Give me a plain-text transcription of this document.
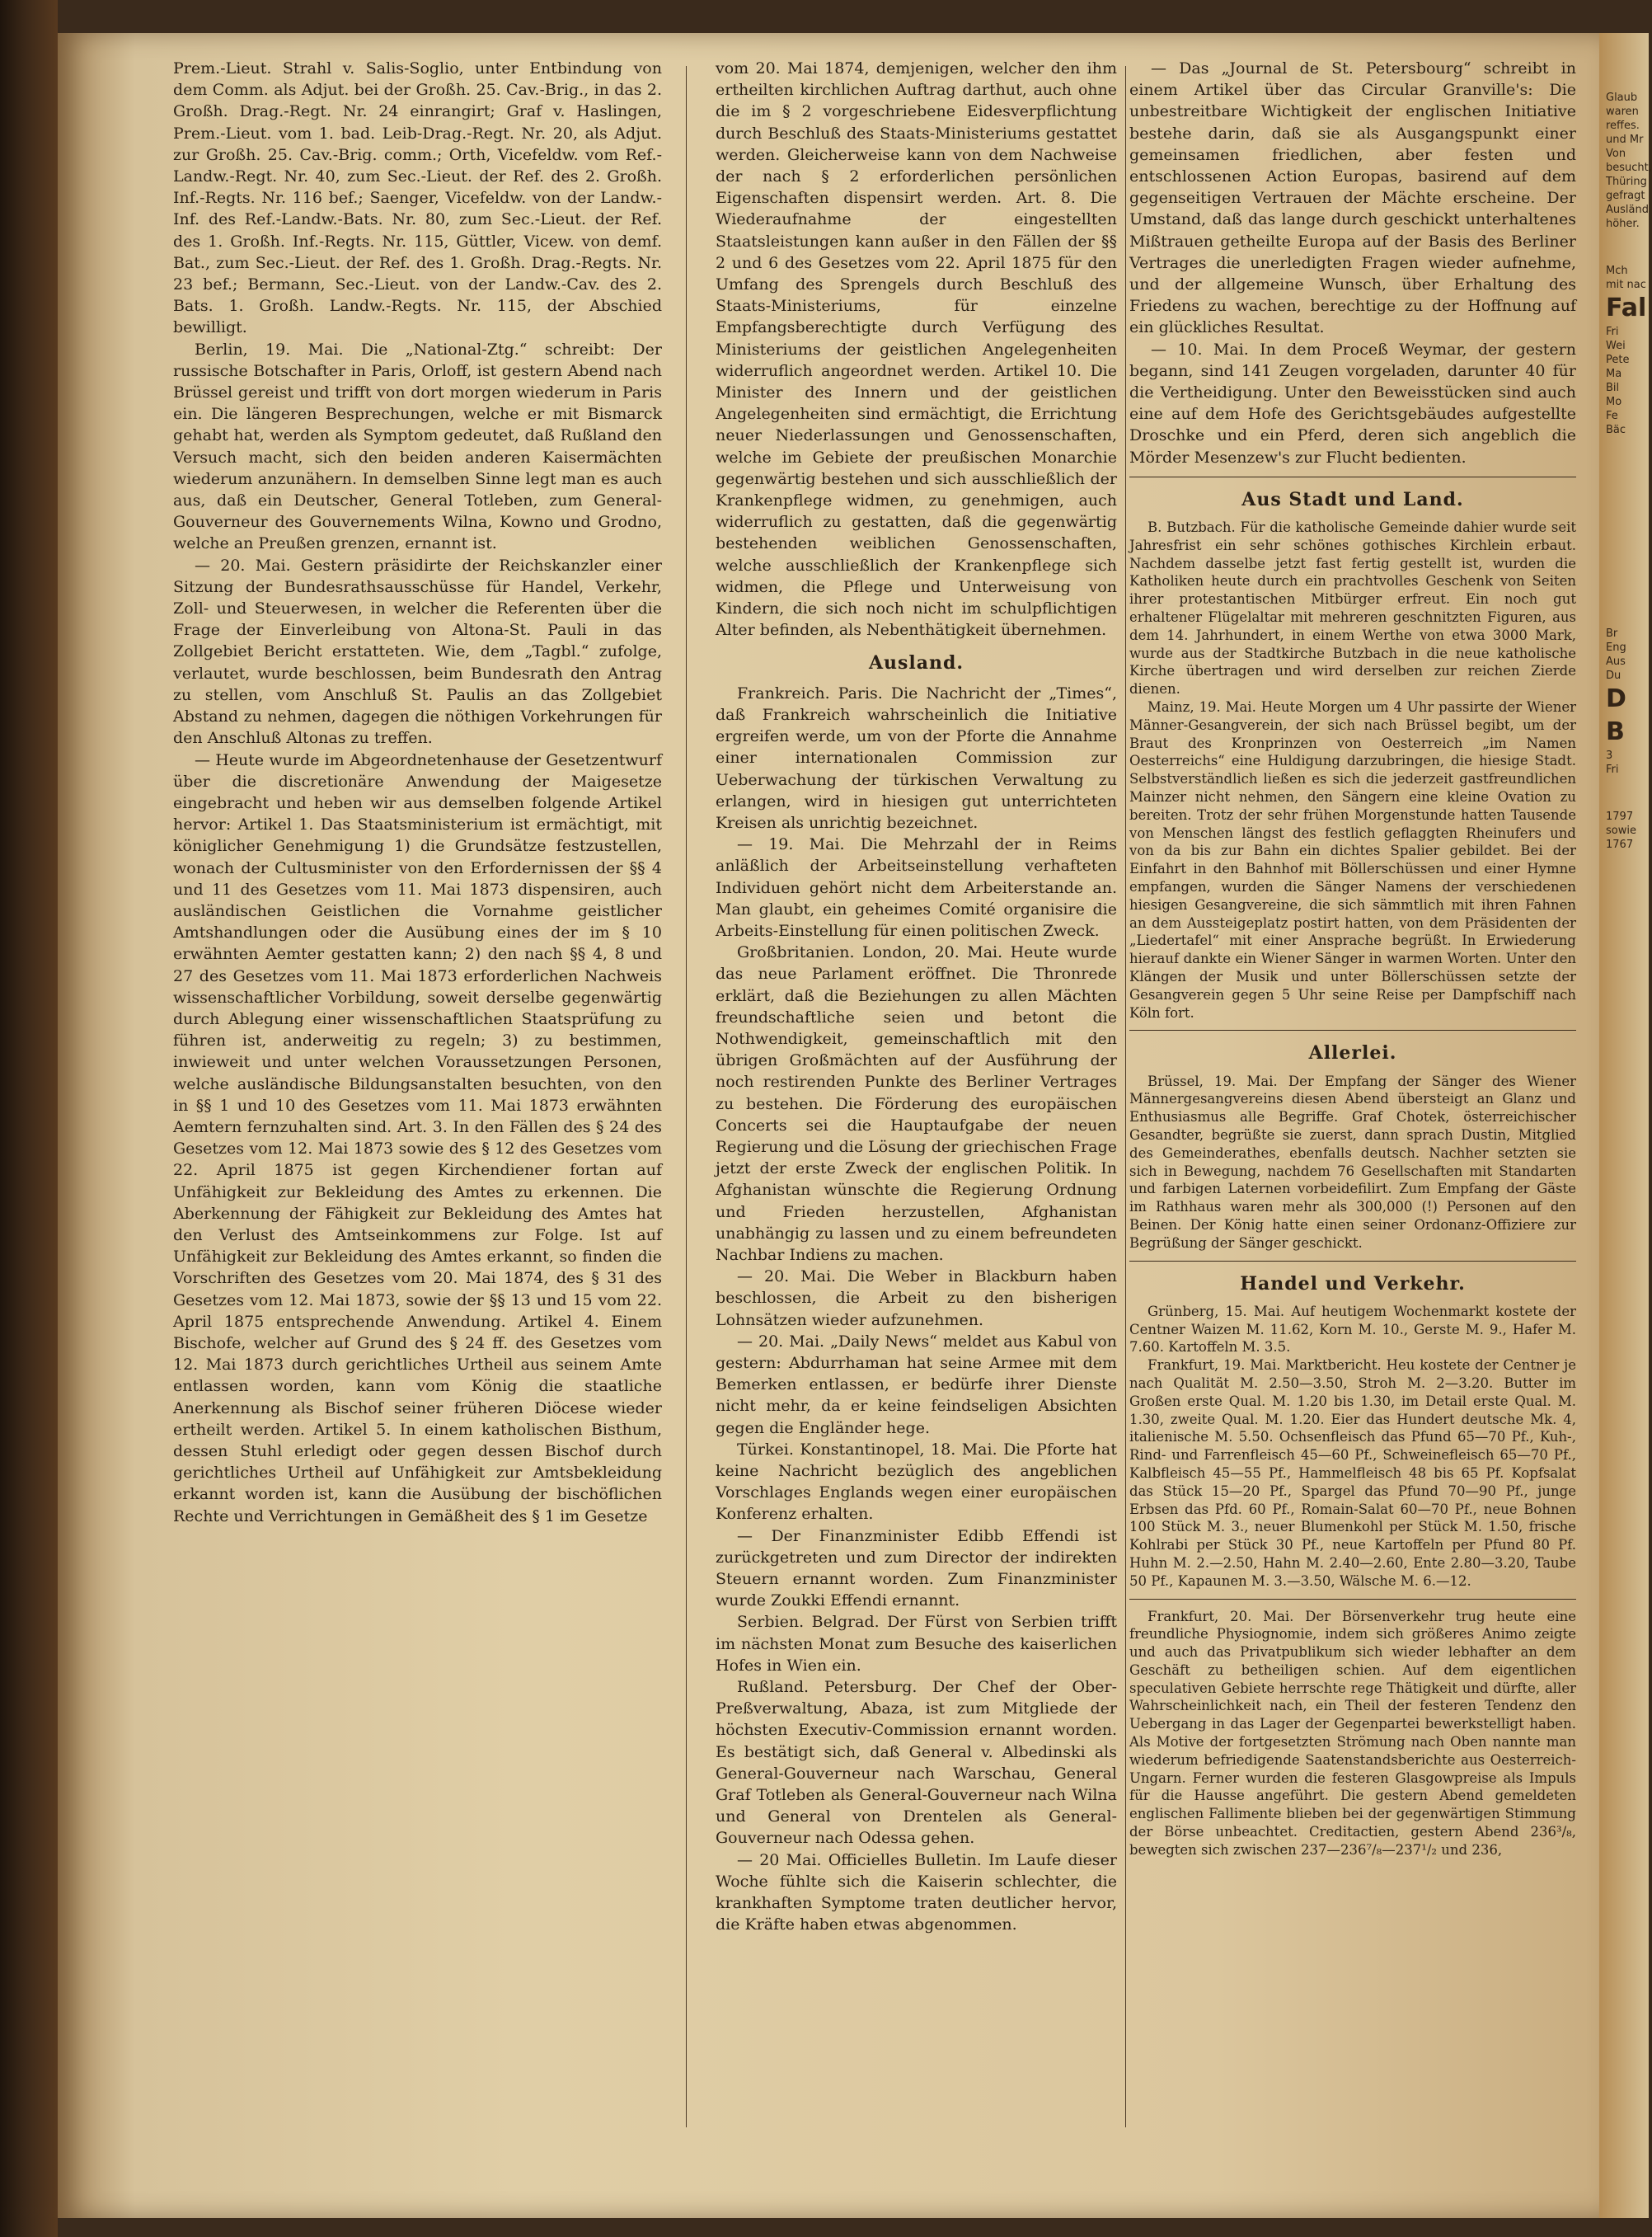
Prem.-Lieut. Strahl v. Salis-Soglio, unter Entbindung von dem Comm. als Adjut. bei der Großh. 25. Cav.-Brig., in das 2. Großh. Drag.-Regt. Nr. 24 einrangirt; Graf v. Haslingen, Prem.-Lieut. vom 1. bad. Leib-Drag.-Regt. Nr. 20, als Adjut. zur Großh. 25. Cav.-Brig. comm.; Orth, Vicefeldw. vom Ref.-Landw.-Regt. Nr. 40, zum Sec.-Lieut. der Ref. des 2. Großh. Inf.-Regts. Nr. 116 bef.; Saenger, Vicefeldw. von der Landw.-Inf. des Ref.-Landw.-Bats. Nr. 80, zum Sec.-Lieut. der Ref. des 1. Großh. Inf.-Regts. Nr. 115, Güttler, Vicew. von demf. Bat., zum Sec.-Lieut. der Ref. des 1. Großh. Drag.-Regts. Nr. 23 bef.; Bermann, Sec.-Lieut. von der Landw.-Cav. des 2. Bats. 1. Großh. Landw.-Regts. Nr. 115, der Abschied bewilligt.

Berlin, 19. Mai. Die „National-Ztg.“ schreibt: Der russische Botschafter in Paris, Orloff, ist gestern Abend nach Brüssel gereist und trifft von dort morgen wiederum in Paris ein. Die längeren Besprechungen, welche er mit Bismarck gehabt hat, werden als Symptom gedeutet, daß Rußland den Versuch macht, sich den beiden anderen Kaisermächten wiederum anzunähern. In demselben Sinne legt man es auch aus, daß ein Deutscher, General Totleben, zum General-Gouverneur des Gouvernements Wilna, Kowno und Grodno, welche an Preußen grenzen, ernannt ist.

— 20. Mai. Gestern präsidirte der Reichskanzler einer Sitzung der Bundesrathsausschüsse für Handel, Verkehr, Zoll- und Steuerwesen, in welcher die Referenten über die Frage der Einverleibung von Altona-St. Pauli in das Zollgebiet Bericht erstatteten. Wie, dem „Tagbl.“ zufolge, verlautet, wurde beschlossen, beim Bundesrath den Antrag zu stellen, vom Anschluß St. Paulis an das Zollgebiet Abstand zu nehmen, dagegen die nöthigen Vorkehrungen für den Anschluß Altonas zu treffen.

— Heute wurde im Abgeordnetenhause der Gesetzentwurf über die discretionäre Anwendung der Maigesetze eingebracht und heben wir aus demselben folgende Artikel hervor: Artikel 1. Das Staatsministerium ist ermächtigt, mit königlicher Genehmigung 1) die Grundsätze festzustellen, wonach der Cultusminister von den Erfordernissen der §§ 4 und 11 des Gesetzes vom 11. Mai 1873 dispensiren, auch ausländischen Geistlichen die Vornahme geistlicher Amtshandlungen oder die Ausübung eines der im § 10 erwähnten Aemter gestatten kann; 2) den nach §§ 4, 8 und 27 des Gesetzes vom 11. Mai 1873 erforderlichen Nachweis wissenschaftlicher Vorbildung, soweit derselbe gegenwärtig durch Ablegung einer wissenschaftlichen Staatsprüfung zu führen ist, anderweitig zu regeln; 3) zu bestimmen, inwieweit und unter welchen Voraussetzungen Personen, welche ausländische Bildungsanstalten besuchten, von den in §§ 1 und 10 des Gesetzes vom 11. Mai 1873 erwähnten Aemtern fernzuhalten sind. Art. 3. In den Fällen des § 24 des Gesetzes vom 12. Mai 1873 sowie des § 12 des Gesetzes vom 22. April 1875 ist gegen Kirchendiener fortan auf Unfähigkeit zur Bekleidung des Amtes zu erkennen. Die Aberkennung der Fähigkeit zur Bekleidung des Amtes hat den Verlust des Amtseinkommens zur Folge. Ist auf Unfähigkeit zur Bekleidung des Amtes erkannt, so finden die Vorschriften des Gesetzes vom 20. Mai 1874, des § 31 des Gesetzes vom 12. Mai 1873, sowie der §§ 13 und 15 vom 22. April 1875 entsprechende Anwendung. Artikel 4. Einem Bischofe, welcher auf Grund des § 24 ff. des Gesetzes vom 12. Mai 1873 durch gerichtliches Urtheil aus seinem Amte entlassen worden, kann vom König die staatliche Anerkennung als Bischof seiner früheren Diöcese wieder ertheilt werden. Artikel 5. In einem katholischen Bisthum, dessen Stuhl erledigt oder gegen dessen Bischof durch gerichtliches Urtheil auf Unfähigkeit zur Amtsbekleidung erkannt worden ist, kann die Ausübung der bischöflichen Rechte und Verrichtungen in Gemäßheit des § 1 im Gesetze

vom 20. Mai 1874, demjenigen, welcher den ihm ertheilten kirchlichen Auftrag darthut, auch ohne die im § 2 vorgeschriebene Eidesverpflichtung durch Beschluß des Staats-Ministeriums gestattet werden. Gleicherweise kann von dem Nachweise der nach § 2 erforderlichen persönlichen Eigenschaften dispensirt werden. Art. 8. Die Wiederaufnahme der eingestellten Staatsleistungen kann außer in den Fällen der §§ 2 und 6 des Gesetzes vom 22. April 1875 für den Umfang des Sprengels durch Beschluß des Staats-Ministeriums, für einzelne Empfangsberechtigte durch Verfügung des Ministeriums der geistlichen Angelegenheiten widerruflich angeordnet werden. Artikel 10. Die Minister des Innern und der geistlichen Angelegenheiten sind ermächtigt, die Errichtung neuer Niederlassungen und Genossenschaften, welche im Gebiete der preußischen Monarchie gegenwärtig bestehen und sich ausschließlich der Krankenpflege widmen, zu genehmigen, auch widerruflich zu gestatten, daß die gegenwärtig bestehenden weiblichen Genossenschaften, welche ausschließlich der Krankenpflege sich widmen, die Pflege und Unterweisung von Kindern, die sich noch nicht im schulpflichtigen Alter befinden, als Nebenthätigkeit übernehmen.

Ausland.

Frankreich. Paris. Die Nachricht der „Times“, daß Frankreich wahrscheinlich die Initiative ergreifen werde, um von der Pforte die Annahme einer internationalen Commission zur Ueberwachung der türkischen Verwaltung zu erlangen, wird in hiesigen gut unterrichteten Kreisen als unrichtig bezeichnet.

— 19. Mai. Die Mehrzahl der in Reims anläßlich der Arbeitseinstellung verhafteten Individuen gehört nicht dem Arbeiterstande an. Man glaubt, ein geheimes Comité organisire die Arbeits-Einstellung für einen politischen Zweck.

Großbritanien. London, 20. Mai. Heute wurde das neue Parlament eröffnet. Die Thronrede erklärt, daß die Beziehungen zu allen Mächten freundschaftliche seien und betont die Nothwendigkeit, gemeinschaftlich mit den übrigen Großmächten auf der Ausführung der noch restirenden Punkte des Berliner Vertrages zu bestehen. Die Förderung des europäischen Concerts sei die Hauptaufgabe der neuen Regierung und die Lösung der griechischen Frage jetzt der erste Zweck der englischen Politik. In Afghanistan wünschte die Regierung Ordnung und Frieden herzustellen, Afghanistan unabhängig zu lassen und zu einem befreundeten Nachbar Indiens zu machen.

— 20. Mai. Die Weber in Blackburn haben beschlossen, die Arbeit zu den bisherigen Lohnsätzen wieder aufzunehmen.

— 20. Mai. „Daily News“ meldet aus Kabul von gestern: Abdurrhaman hat seine Armee mit dem Bemerken entlassen, er bedürfe ihrer Dienste nicht mehr, da er keine feindseligen Absichten gegen die Engländer hege.

Türkei. Konstantinopel, 18. Mai. Die Pforte hat keine Nachricht bezüglich des angeblichen Vorschlages Englands wegen einer europäischen Konferenz erhalten.

— Der Finanzminister Edibb Effendi ist zurückgetreten und zum Director der indirekten Steuern ernannt worden. Zum Finanzminister wurde Zoukki Effendi ernannt.

Serbien. Belgrad. Der Fürst von Serbien trifft im nächsten Monat zum Besuche des kaiserlichen Hofes in Wien ein.

Rußland. Petersburg. Der Chef der Ober-Preßverwaltung, Abaza, ist zum Mitgliede der höchsten Executiv-Commission ernannt worden. Es bestätigt sich, daß General v. Albedinski als General-Gouverneur nach Warschau, General Graf Totleben als General-Gouverneur nach Wilna und General von Drentelen als General-Gouverneur nach Odessa gehen.

— 20 Mai. Officielles Bulletin. Im Laufe dieser Woche fühlte sich die Kaiserin schlechter, die krankhaften Symptome traten deutlicher hervor, die Kräfte haben etwas abgenommen.

— Das „Journal de St. Petersbourg“ schreibt in einem Artikel über das Circular Granville's: Die unbestreitbare Wichtigkeit der englischen Initiative bestehe darin, daß sie als Ausgangspunkt einer gemeinsamen friedlichen, aber festen und entschlossenen Action Europas, basirend auf dem gegenseitigen Vertrauen der Mächte erscheine. Der Umstand, daß das lange durch geschickt unterhaltenes Mißtrauen getheilte Europa auf der Basis des Berliner Vertrages die unerledigten Fragen wieder aufnehme, und der allgemeine Wunsch, über Erhaltung des Friedens zu wachen, berechtige zu der Hoffnung auf ein glückliches Resultat.

— 10. Mai. In dem Proceß Weymar, der gestern begann, sind 141 Zeugen vorgeladen, darunter 40 für die Vertheidigung. Unter den Beweisstücken sind auch eine auf dem Hofe des Gerichtsgebäudes aufgestellte Droschke und ein Pferd, deren sich angeblich die Mörder Mesenzew's zur Flucht bedienten.

Aus Stadt und Land.

B. Butzbach. Für die katholische Gemeinde dahier wurde seit Jahresfrist ein sehr schönes gothisches Kirchlein erbaut. Nachdem dasselbe jetzt fast fertig gestellt ist, wurden die Katholiken heute durch ein prachtvolles Geschenk von Seiten ihrer protestantischen Mitbürger erfreut. Ein noch gut erhaltener Flügelaltar mit mehreren geschnitzten Figuren, aus dem 14. Jahrhundert, in einem Werthe von etwa 3000 Mark, wurde aus der Stadtkirche Butzbach in die neue katholische Kirche übertragen und wird derselben zur reichen Zierde dienen.

Mainz, 19. Mai. Heute Morgen um 4 Uhr passirte der Wiener Männer-Gesangverein, der sich nach Brüssel begibt, um der Braut des Kronprinzen von Oesterreich „im Namen Oesterreichs“ eine Huldigung darzubringen, die hiesige Stadt. Selbstverständlich ließen es sich die jederzeit gastfreundlichen Mainzer nicht nehmen, den Sängern eine kleine Ovation zu bereiten. Trotz der sehr frühen Morgenstunde hatten Tausende von Menschen längst des festlich geflaggten Rheinufers und von da bis zur Bahn ein dichtes Spalier gebildet. Bei der Einfahrt in den Bahnhof mit Böllerschüssen und einer Hymne empfangen, wurden die Sänger Namens der verschiedenen hiesigen Gesangvereine, die sich sämmtlich mit ihren Fahnen an dem Aussteigeplatz postirt hatten, von dem Präsidenten der „Liedertafel“ mit einer Ansprache begrüßt. In Erwiederung hierauf dankte ein Wiener Sänger in warmen Worten. Unter den Klängen der Musik und unter Böllerschüssen setzte der Gesangverein gegen 5 Uhr seine Reise per Dampfschiff nach Köln fort.

Allerlei.

Brüssel, 19. Mai. Der Empfang der Sänger des Wiener Männergesangvereins diesen Abend übersteigt an Glanz und Enthusiasmus alle Begriffe. Graf Chotek, österreichischer Gesandter, begrüßte sie zuerst, dann sprach Dustin, Mitglied des Gemeinderathes, ebenfalls deutsch. Nachher setzten sie sich in Bewegung, nachdem 76 Gesellschaften mit Standarten und farbigen Laternen vorbeidefilirt. Zum Empfang der Gäste im Rathhaus waren mehr als 300,000 (!) Personen auf den Beinen. Der König hatte einen seiner Ordonanz-Offiziere zur Begrüßung der Sänger geschickt.

Handel und Verkehr.

Grünberg, 15. Mai. Auf heutigem Wochenmarkt kostete der Centner Waizen M. 11.62, Korn M. 10., Gerste M. 9., Hafer M. 7.60. Kartoffeln M. 3.5.

Frankfurt, 19. Mai. Marktbericht. Heu kostete der Centner je nach Qualität M. 2.50—3.50, Stroh M. 2—3.20. Butter im Großen erste Qual. M. 1.20 bis 1.30, im Detail erste Qual. M. 1.30, zweite Qual. M. 1.20. Eier das Hundert deutsche Mk. 4, italienische M. 5.50. Ochsenfleisch das Pfund 65—70 Pf., Kuh-, Rind- und Farrenfleisch 45—60 Pf., Schweinefleisch 65—70 Pf., Kalbfleisch 45—55 Pf., Hammelfleisch 48 bis 65 Pf. Kopfsalat das Stück 15—20 Pf., Spargel das Pfund 70—90 Pf., junge Erbsen das Pfd. 60 Pf., Romain-Salat 60—70 Pf., neue Bohnen 100 Stück M. 3., neuer Blumenkohl per Stück M. 1.50, frische Kohlrabi per Stück 30 Pf., neue Kartoffeln per Pfund 80 Pf. Huhn M. 2.—2.50, Hahn M. 2.40—2.60, Ente 2.80—3.20, Taube 50 Pf., Kapaunen M. 3.—3.50, Wälsche M. 6.—12.

Frankfurt, 20. Mai. Der Börsenverkehr trug heute eine freundliche Physiognomie, indem sich größeres Animo zeigte und auch das Privatpublikum sich wieder lebhafter an dem Geschäft zu betheiligen schien. Auf dem eigentlichen speculativen Gebiete herrschte rege Thätigkeit und dürfte, aller Wahrscheinlichkeit nach, ein Theil der festeren Tendenz den Uebergang in das Lager der Gegenpartei bewerkstelligt haben. Als Motive der fortgesetzten Strömung nach Oben nannte man wiederum befriedigende Saatenstandsberichte aus Oesterreich-Ungarn. Ferner wurden die festeren Glasgowpreise als Impuls für die Hausse angeführt. Die gestern Abend gemeldeten englischen Fallimente blieben bei der gegenwärtigen Stimmung der Börse unbeachtet. Creditactien, gestern Abend 236³/₈, bewegten sich zwischen 237—236⁷/₈—237¹/₂ und 236,

Glaub
waren
reffes.
und Mr
Von
besucht,
Thüring
gefragt
Ausländ
höher.
Mch
mit nac
Fal
Fri
Wei
Pete
Ma
Bil
Mo
Fe
Bäc
Br
Eng
Aus
Du
D
B
3
Fri
1797
sowie
1767
